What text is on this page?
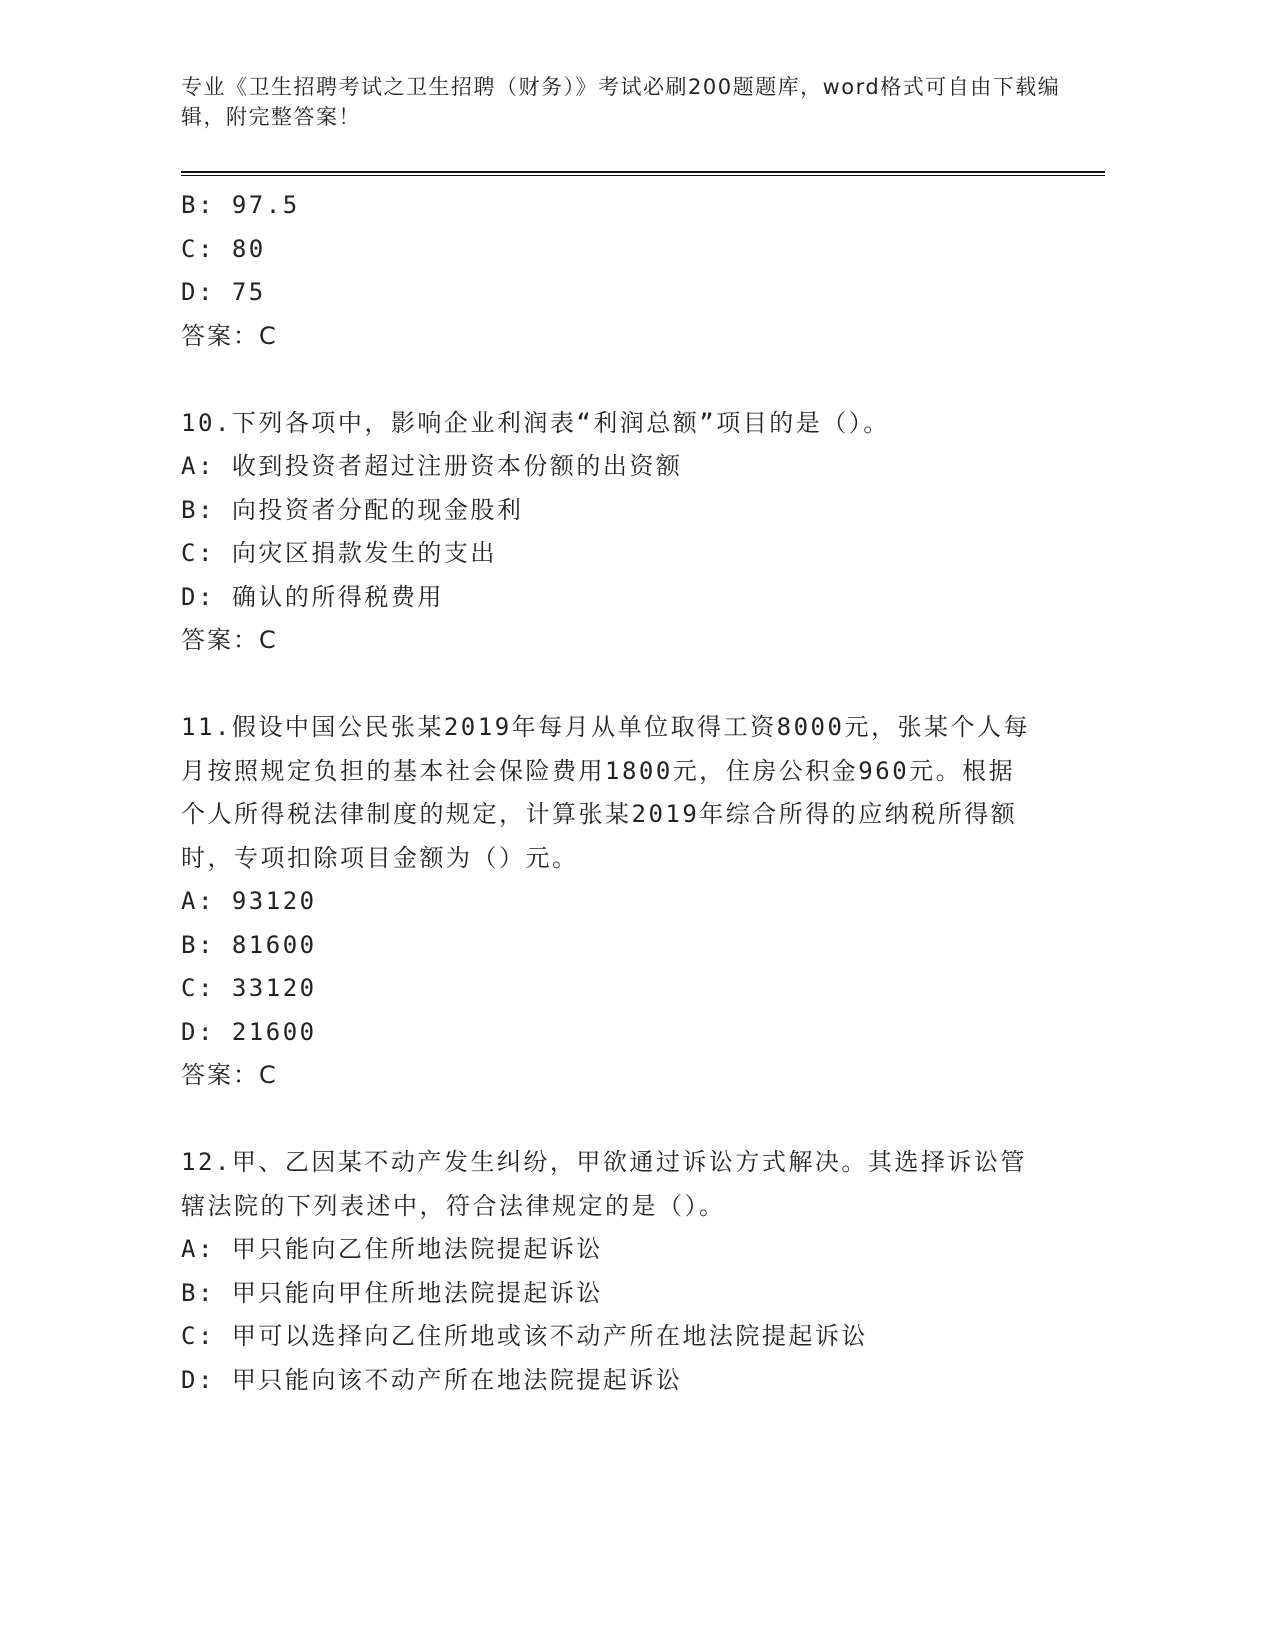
专业《卫生招聘考试之卫生招聘（财务）》考试必刷200题题库，word格式可自由下载编辑，附完整答案！
B: 97.5
C: 80
D: 75
答案：C
10.下列各项中，影响企业利润表“利润总额”项目的是（）。
A: 收到投资者超过注册资本份额的出资额
B: 向投资者分配的现金股利
C: 向灾区捐款发生的支出
D: 确认的所得税费用
答案：C
11.假设中国公民张某2019年每月从单位取得工资8000元，张某个人每月按照规定负担的基本社会保险费用1800元，住房公积金960元。根据个人所得税法律制度的规定，计算张某2019年综合所得的应纳税所得额时，专项扣除项目金额为（）元。
A: 93120
B: 81600
C: 33120
D: 21600
答案：C
12.甲、乙因某不动产发生纠纷，甲欲通过诉讼方式解决。其选择诉讼管辖法院的下列表述中，符合法律规定的是（）。
A: 甲只能向乙住所地法院提起诉讼
B: 甲只能向甲住所地法院提起诉讼
C: 甲可以选择向乙住所地或该不动产所在地法院提起诉讼
D: 甲只能向该不动产所在地法院提起诉讼
